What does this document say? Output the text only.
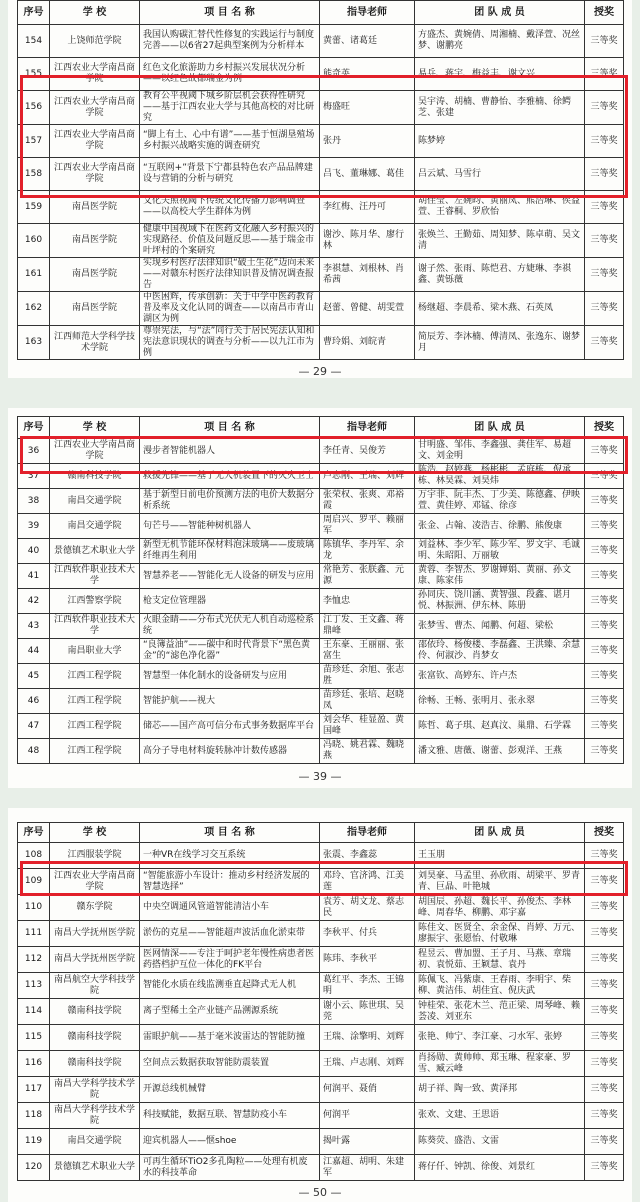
序号	学 校	项 目 名 称	指导老师	团 队 成 员	授奖
154	上饶师范学院	我国认购碳汇替代性修复的实践运行与制度完善——以6省27起典型案例为分析样本	黄蕾、诸葛廷	方盛杰、黄婉倩、周湘楠、戴泽萱、况丝梦、谢鹏亮	三等奖
155	江西农业大学南昌商学院	红色文化旅游助力乡村振兴发展状况分析——以红色故都瑞金为例	熊奇英	易兵、蒋宇、梅益丰、谢文兴	三等奖
156	江西农业大学南昌商学院	教育公平视阈下城乡阶层机会获得性研究——基于江西农业大学与其他高校的对比研究	梅盛旺	吴宇涛、胡楠、曹静怡、李雅楠、徐鳄芝、张建	三等奖
157	江西农业大学南昌商学院	“脚上有土、心中有谱”——基于恒湖垦殖场乡村振兴战略实施的调查研究	张丹	陈梦婷	三等奖
158	江西农业大学南昌商学院	“互联网+”背景下宁都县特色农产品品牌建设与营销的分析与研究	吕飞、董琳娜、葛佳	吕云斌、马雪行	三等奖
159	南昌医学院	文化关照视阈下传统文化传播力影响调查——以高校大学生群体为例	李红梅、汪丹可	胡佳莹、左婉昀、黄丽凤、熊浩琳、侯益萱、王睿桐、罗欣怡	三等奖
160	南昌医学院	健康中国视域下在医药文化融入乡村振兴的实现路径、价值及问题反思——基于瑞金市叶坪村的个案研究	谢沙、陈月华、廖行林	张焕兰、王勤茹、周知梦、陈卓萌、吴文清	三等奖
161	南昌医学院	实现乡村医疗法律知识“破土生花”迈向未来——对赣东村医疗法律知识普及情况调查报告	李祺慧、刘根林、肖希茜	谢子然、张雨、陈恺君、方婕琳、李祺鑫、黄铄薇	三等奖
162	南昌医学院	中医困辉，传承创新：关于中学中医药教育普及率及文化认同的调查——以南昌市青山湖区为例	赵蕾、曾健、胡雯萱	杨继超、李晨希、梁木燕、石英凤	三等奖
163	江西师范大学科学技术学院	尊崇宪法，与“法”同行关于居民宪法认知和宪法意识现状的调查与分析——以九江市为例	曹玲娟、刘皖青	简辰芳、李沐楠、傅清凤、张逸东、谢梦月	三等奖
— 29 —
序号	学 校	项 目 名 称	指导老师	团 队 成 员	授奖
36	江西农业大学南昌商学院	漫步者智能机器人	李任青、吴俊芳	甘明盛、邹伟、李鑫强、龚佳军、易超文、刘金明	三等奖
37	赣南科技学院	救援先锋——基于无人机装置下的灭火卫士	卢志刚、王瑞、刘辉	陈浩、赵婷燕、杨彬彬、孟庭栋、倪承栋、林昊霖、刘昊炜	三等奖
38	南昌交通学院	基于新型日前电价预测方法的电价大数据分析系统	张荣权、张爽、邓裕霞	万宇菲、阮丰杰、丁少美、陈德鑫、伊映萱、黄佳婷、邓锰、徐彦	三等奖
39	南昌交通学院	句芒号——智能种树机器人	周启兴、罗平、赖丽军	张金、占翰、凌浩吉、徐鹏、熊俊康	三等奖
40	景德镇艺术职业大学	新型无机节能环保材料泡沫玻璃——废玻璃纤维再生利用	陈镇华、李丹军、余龙	刘益林、李少军、陈少军、罗文宇、毛诚明、朱昭阳、万丽敏	三等奖
41	江西软件职业技术大学	智慧养老——智能化无人设备的研发与应用	常艳芳、张朕鑫、元源	黄蓉、李智杰、罗谢婵娟、黄丽、孙文康、陈家伟	三等奖
42	江西警察学院	枪支定位管理器	李恤忠	孙同庆、饶川涵、黄智强、段鑫、谌月悦、林振洲、伊东林、陈册	三等奖
43	江西软件职业技术大学	火眼金睛——分布式光伏无人机自动巡检系统	江丁发、王文鑫、蒋鼎峰	张梦雪、曹杰、闻鹏、何超、梁松	三等奖
44	南昌职业大学	“良簿益油”——碳中和时代背景下“黑色黄金”的“滤色净化器”	王东豪、王丽丽、张富生	邵依玲、杨俊楼、李磊鑫、王洪臻、余慧伶、何淑沙、肖梦女	三等奖
45	江西工程学院	智慧型一体化制水的设备研发与应用	苗珍廷、余旭、张志胜	张富钦、高婷东、许卢杰	三等奖
46	江西工程学院	智能护航——视大	苗珍廷、张培、赵晓凤	徐畅、王畅、张明月、张永翠	三等奖
47	江西工程学院	储芯——国产高可信分布式事务数据库平台	刘会华、桂显盈、黄国峰	陈哲、葛子琪、赵真汶、巢鼎、石学霖	三等奖
48	江西工程学院	高分子导电材料旋转脉冲计数传感器	冯晓、姚君霖、魏晓燕	潘文雅、唐薇、谢蕾、彭观洋、王燕	三等奖
— 39 —
序号	学 校	项 目 名 称	指导老师	团 队 成 员	授奖
108	江西服装学院	一种VR在线学习交互系统	张震、李鑫蕊	王玉朋	三等奖
109	江西农业大学南昌商学院	“智能旅游小车设计：推动乡村经济发展的智慧选择”	邓玲、官济鸿、江美莲	刘昊豪、马孟里、孙欣雨、胡梁平、罗青青、巨晶、叶艳城	三等奖
110	赣东学院	中央空调通风管道智能清洁小车	袁芳、胡文龙、蔡志民	胡国辰、孙超、魏长平、孙俊杰、李林峰、周春华、柳鹏、邓宇嘉	三等奖
111	南昌大学抚州医学院	淤伤的克星——智能超声波活血化淤束带	李秋平、付兵	陈佳文、医贤全、余金保、肖婷、万元、廖振宇、张愿怡、付敬琳	三等奖
112	南昌大学抚州医学院	医网情深——专注于呵护老年慢性病患者医药搭档护互位一体化的FK平台	陈玮、李秋平	程昱云、曹加盟、王子月、马燕、章瑞初、袁悦茹、王颖慧、袁丹	三等奖
113	南昌航空大学科技学院	智能化水质在线监测垂直起降式无人机	葛红平、李杰、王锦明	陈佩飞、冯紫康、王春雨、李明宇、柴柳、黄洁伟、胡佳宜、倪庆武	三等奖
114	赣南科技学院	离子型稀土全产业链产品溯源系统	谢小云、陈世琪、吴莞	钟桂荣、张花木兰、范正梁、周琴峰、赖荟凌、刘亚东	三等奖
115	赣南科技学院	雷眼护航——基于毫米波雷达的智能防撞	王瑞、涂擎明、刘辉	张艳、帅宁、李江豪、刁水军、张婷	三等奖
116	赣南科技学院	空间点云数据获取智能防震装置	王瑞、卢志刚、刘辉	肖扬勋、黄帅帅、郑玉琳、程家豪、罗雪、臧云峰	三等奖
117	南昌大学科学技术学院	开源总线机械臂	何润平、聂俏	胡子祥、陶一致、黄泽邦	三等奖
118	南昌大学科学技术学院	科技赋能，数据互联、智慧防疫小车	何润平	张欢、文建、王思语	三等奖
119	南昌交通学院	迎宾机器人——惬shoe	揭叶露	陈葵荧、盛浩、文雷	三等奖
120	景德镇艺术职业大学	可再生循环TiO2多孔陶粒——处理有机废水的科技革命	江嘉超、胡明、朱建军	蒋仔仟、钟凯、徐俊、刘景红	三等奖
— 50 —
